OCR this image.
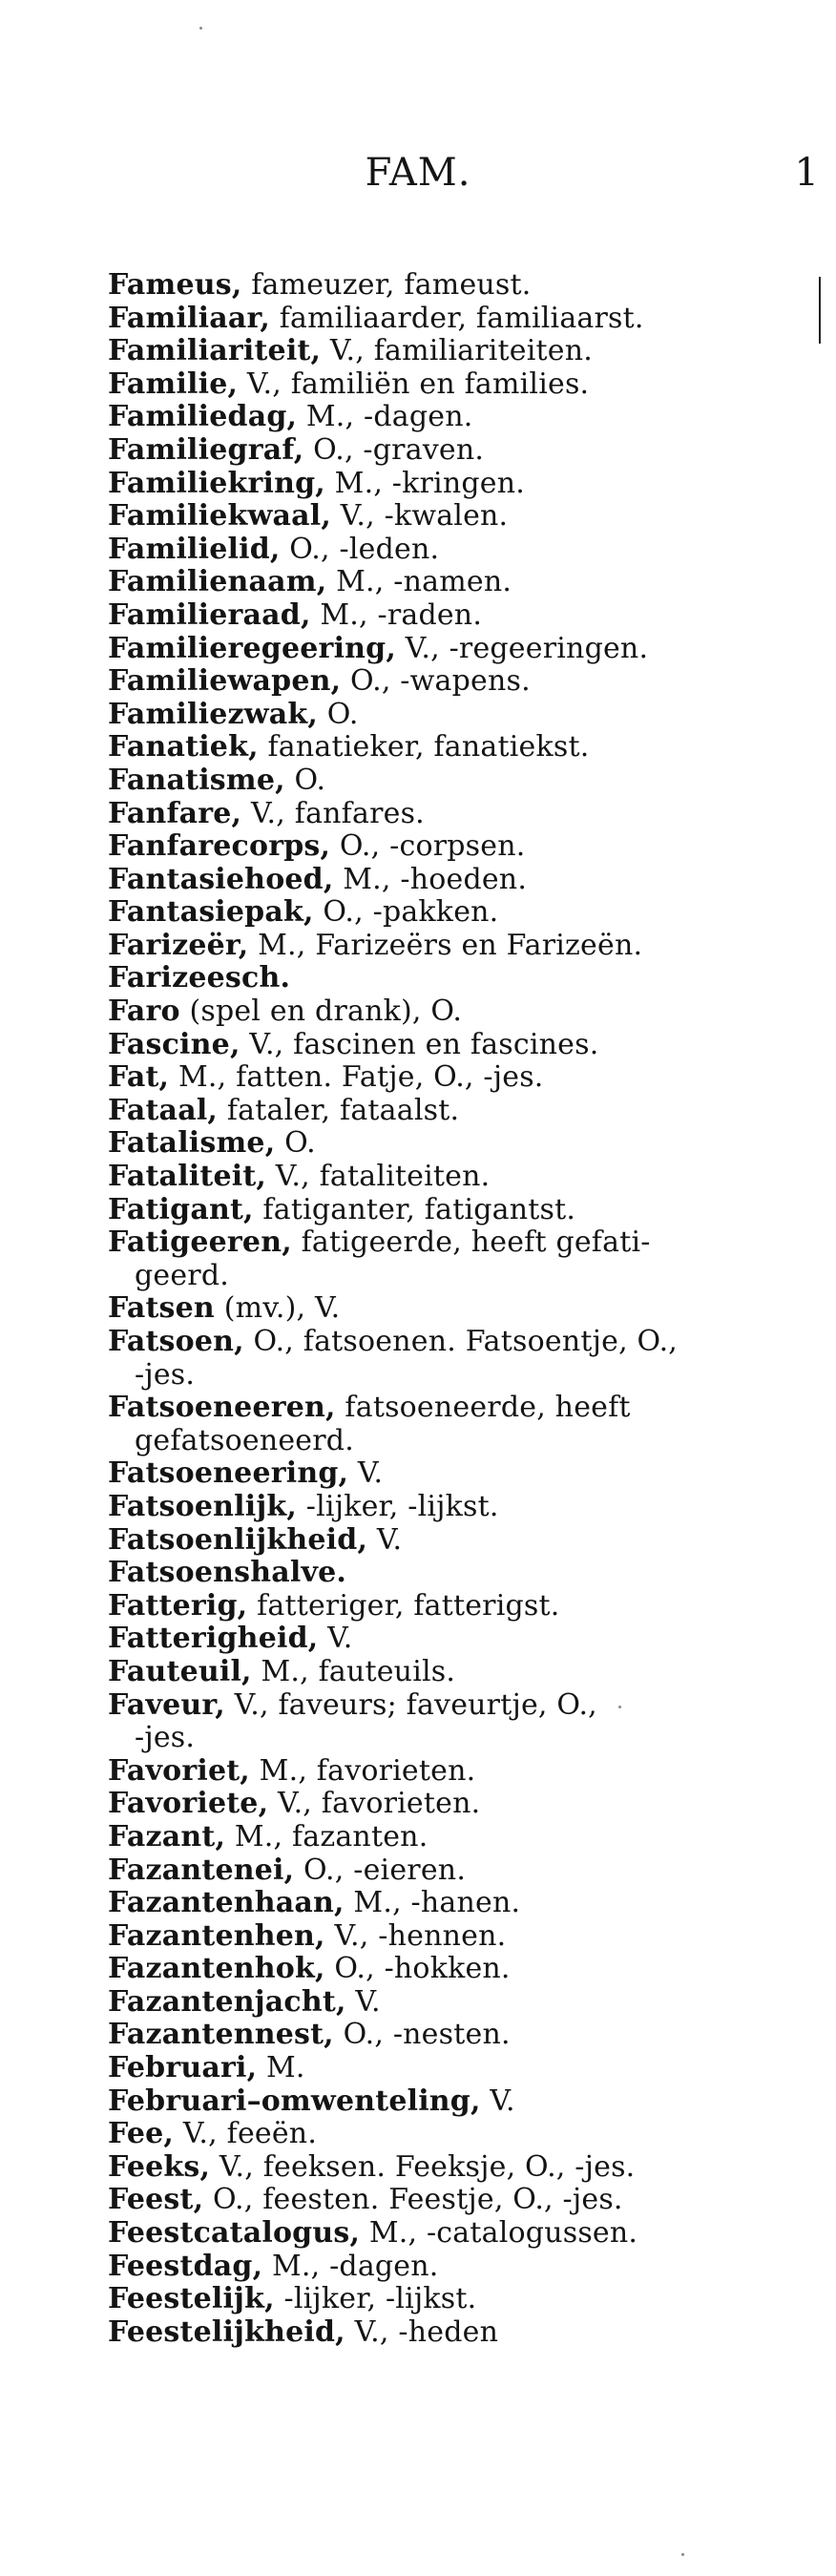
FAM.	1
Fameus, fameuzer, fameust.
Familiaar, familiaarder, familiaarst.
Familiariteit, V., familiariteiten.
Familie, V., familiën en families.
Familiedag, M., -dagen.
Familiegraf, O., -graven.
Familiekring, M., -kringen.
Familiekwaal, V., -kwalen.
Familielid, O., -leden.
Familienaam, M., -namen.
Familieraad, M., -raden.
Familieregeering, V., -regeeringen.
Familiewapen, O., -wapens.
Familiezwak, O.
Fanatiek, fanatieker, fanatiekst.
Fanatisme, O.
Fanfare, V., fanfares.
Fanfarecorps, O., -corpsen.
Fantasiehoed, M., -hoeden.
Fantasiepak, O., -pakken.
Farizeër, M., Farizeërs en Farizeën.
Farizeesch.
Faro (spel en drank), O.
Fascine, V., fascinen en fascines.
Fat, M., fatten. Fatje, O., -jes.
Fataal, fataler, fataalst.
Fatalisme, O.
Fataliteit, V., fataliteiten.
Fatigant, fatiganter, fatigantst.
Fatigeeren, fatigeerde, heeft gefati-
geerd.
Fatsen (mv.), V.
Fatsoen, O., fatsoenen. Fatsoentje, O.,
-jes.
Fatsoeneeren, fatsoeneerde, heeft
gefatsoeneerd.
Fatsoeneering, V.
Fatsoenlijk, -lijker, -lijkst.
Fatsoenlijkheid, V.
Fatsoenshalve.
Fatterig, fatteriger, fatterigst.
Fatterigheid, V.
Fauteuil, M., fauteuils.
Faveur, V., faveurs; faveurtje, O.,
-jes.
Favoriet, M., favorieten.
Favoriete, V., favorieten.
Fazant, M., fazanten.
Fazantenei, O., -eieren.
Fazantenhaan, M., -hanen.
Fazantenhen, V., -hennen.
Fazantenhok, O., -hokken.
Fazantenjacht, V.
Fazantennest, O., -nesten.
Februari, M.
Februari–omwenteling, V.
Fee, V., feeën.
Feeks, V., feeksen. Feeksje, O., -jes.
Feest, O., feesten. Feestje, O., -jes.
Feestcatalogus, M., -catalogussen.
Feestdag, M., -dagen.
Feestelijk, -lijker, -lijkst.
Feestelijkheid, V., -heden
